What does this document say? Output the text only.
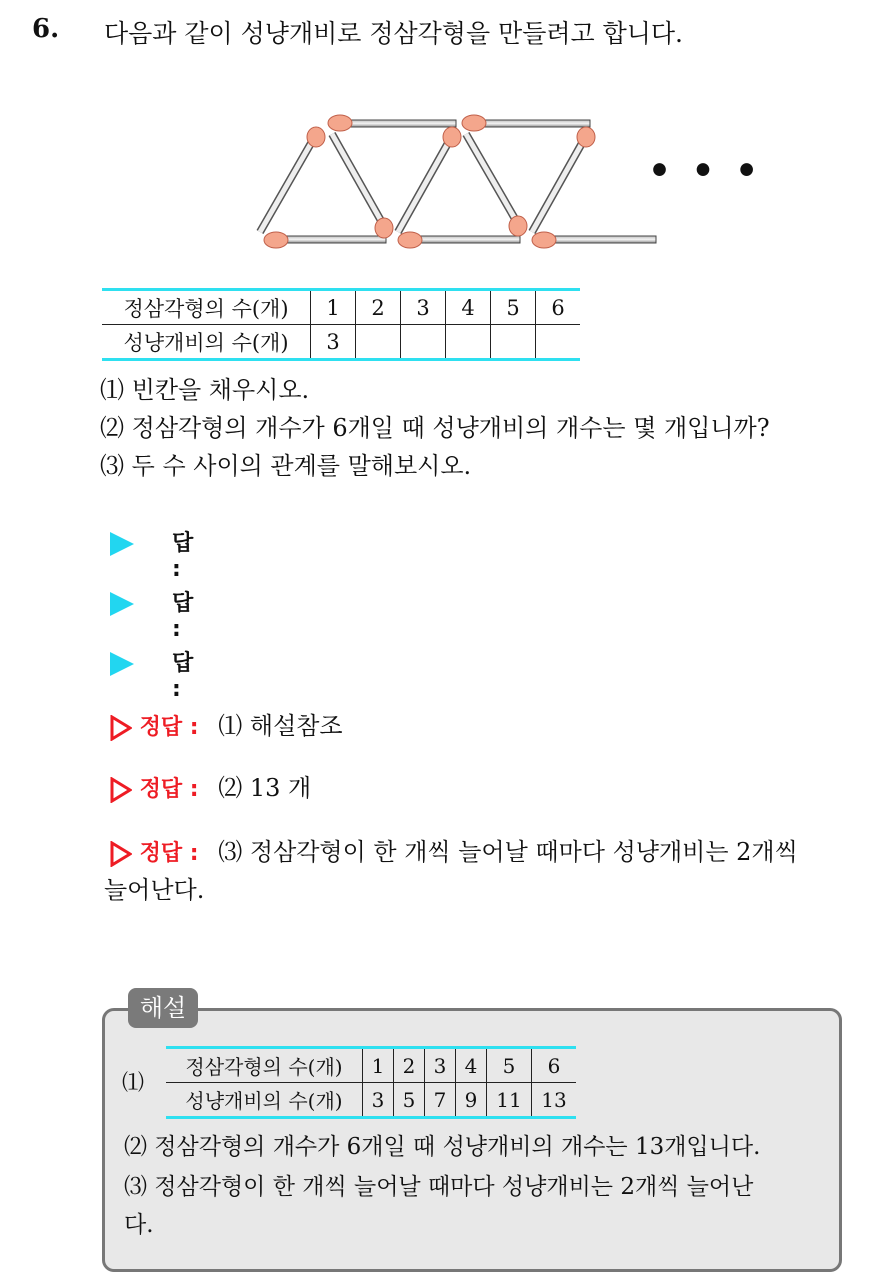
6. 다음과 같이 성냥개비로 정삼각형을 만들려고 합니다.
• • •
정삼각형의 수(개)	1	2	3	4	5	6
성냥개비의 수(개)	3					
⑴ 빈칸을 채우시오.
⑵ 정삼각형의 개수가 6개일 때 성냥개비의 개수는 몇 개입니까?
⑶ 두 수 사이의 관계를 말해보시오.
답 :
답 :
답 :
정답 : ⑴ 해설참조
정답 : ⑵ 13 개
정답 : ⑶ 정삼각형이 한 개씩 늘어날 때마다 성냥개비는 2개씩
늘어난다.
해설
⑴
정삼각형의 수(개)	1	2	3	4	5	6
성냥개비의 수(개)	3	5	7	9	11	13
⑵ 정삼각형의 개수가 6개일 때 성냥개비의 개수는 13개입니다.
⑶ 정삼각형이 한 개씩 늘어날 때마다 성냥개비는 2개씩 늘어난
다.
